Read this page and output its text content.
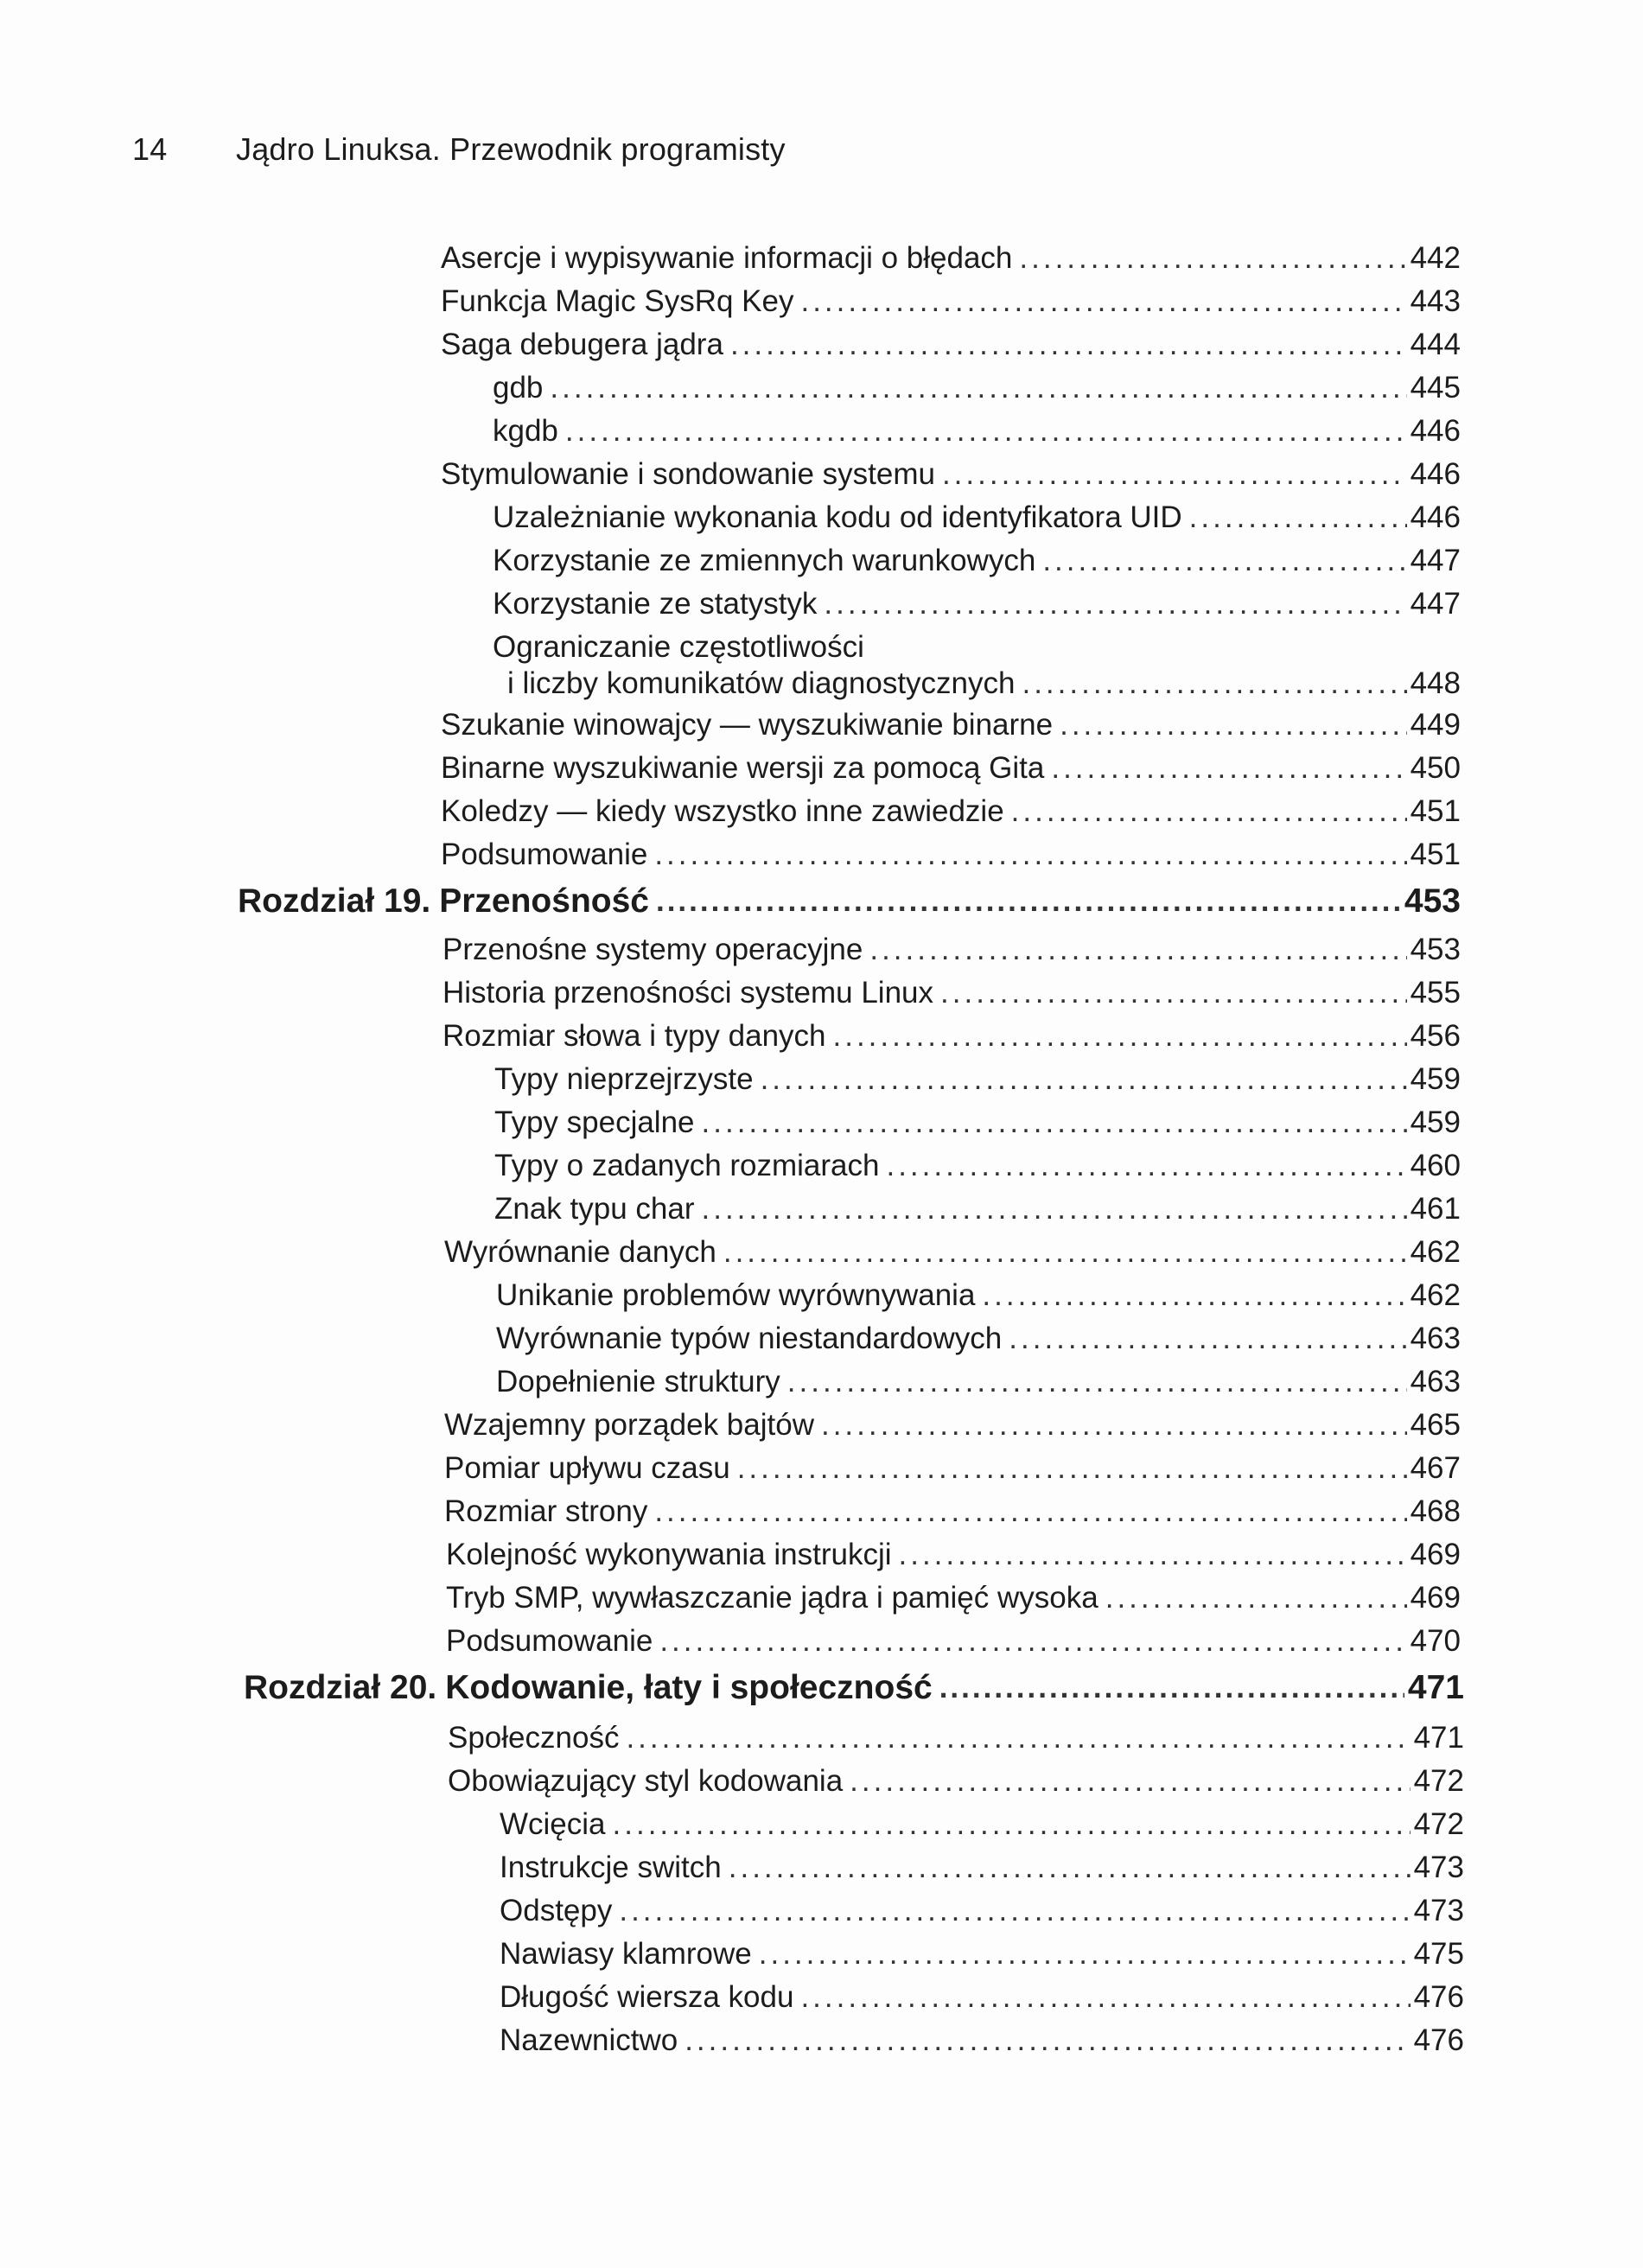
14 Jądro Linuksa. Przewodnik programisty
Asercje i wypisywanie informacji o błędach .....	442
Funkcja Magic SysRq Key .....	443
Saga debugera jądra .....	444
gdb .....	445
kgdb .....	446
Stymulowanie i sondowanie systemu .....	446
Uzależnianie wykonania kodu od identyfikatora UID .....	446
Korzystanie ze zmiennych warunkowych .....	447
Korzystanie ze statystyk .....	447
Ograniczanie częstotliwości
i liczby komunikatów diagnostycznych .....	448
Szukanie winowajcy — wyszukiwanie binarne .....	449
Binarne wyszukiwanie wersji za pomocą Gita .....	450
Koledzy — kiedy wszystko inne zawiedzie .....	451
Podsumowanie .....	451
Rozdział 19. Przenośność .....	453
Przenośne systemy operacyjne .....	453
Historia przenośności systemu Linux .....	455
Rozmiar słowa i typy danych .....	456
Typy nieprzejrzyste .....	459
Typy specjalne .....	459
Typy o zadanych rozmiarach .....	460
Znak typu char .....	461
Wyrównanie danych .....	462
Unikanie problemów wyrównywania .....	462
Wyrównanie typów niestandardowych .....	463
Dopełnienie struktury .....	463
Wzajemny porządek bajtów .....	465
Pomiar upływu czasu .....	467
Rozmiar strony .....	468
Kolejność wykonywania instrukcji .....	469
Tryb SMP, wywłaszczanie jądra i pamięć wysoka .....	469
Podsumowanie .....	470
Rozdział 20. Kodowanie, łaty i społeczność .....	471
Społeczność .....	471
Obowiązujący styl kodowania .....	472
Wcięcia .....	472
Instrukcje switch .....	473
Odstępy .....	473
Nawiasy klamrowe .....	475
Długość wiersza kodu .....	476
Nazewnictwo .....	476
